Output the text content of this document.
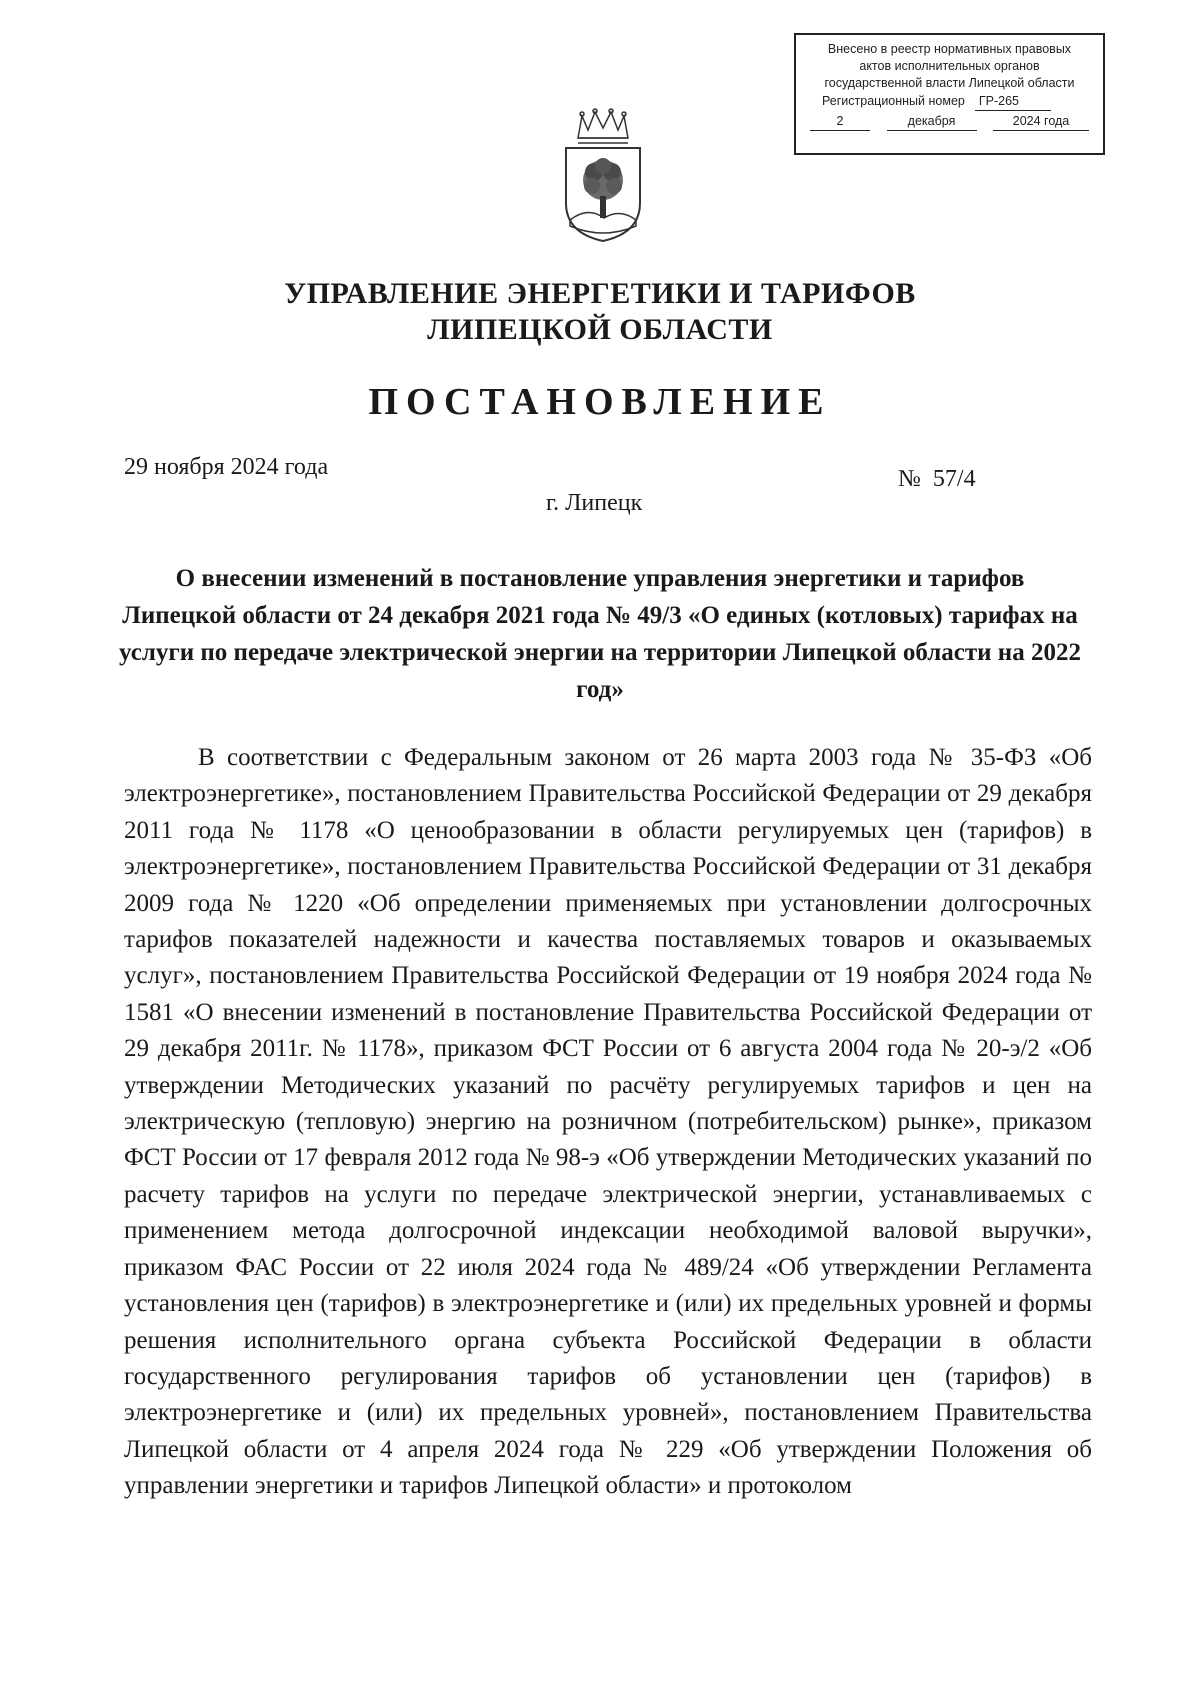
Внесено в реестр нормативных правовых
актов исполнительных органов
государственной власти Липецкой области
Регистрационный номер	ГР-265
2	декабря	2024 года
УПРАВЛЕНИЕ ЭНЕРГЕТИКИ И ТАРИФОВ
ЛИПЕЦКОЙ ОБЛАСТИ
ПОСТАНОВЛЕНИЕ
29 ноября 2024 года	№ 57/4
г. Липецк
О внесении изменений в постановление управления энергетики и тарифов Липецкой области от 24 декабря 2021 года № 49/3 «О единых (котловых) тарифах на услуги по передаче электрической энергии на территории Липецкой области на 2022 год»

В соответствии с Федеральным законом от 26 марта 2003 года № 35-ФЗ «Об электроэнергетике», постановлением Правительства Российской Федерации от 29 декабря 2011 года № 1178 «О ценообразовании в области регулируемых цен (тарифов) в электроэнергетике», постановлением Правительства Российской Федерации от 31 декабря 2009 года № 1220 «Об определении применяемых при установлении долгосрочных тарифов показателей надежности и качества поставляемых товаров и оказываемых услуг», постановлением Правительства Российской Федерации от 19 ноября 2024 года № 1581 «О внесении изменений в постановление Правительства Российской Федерации от 29 декабря 2011г. № 1178», приказом ФСТ России от 6 августа 2004 года № 20-э/2 «Об утверждении Методических указаний по расчёту регулируемых тарифов и цен на электрическую (тепловую) энергию на розничном (потребительском) рынке», приказом ФСТ России от 17 февраля 2012 года № 98-э «Об утверждении Методических указаний по расчету тарифов на услуги по передаче электрической энергии, устанавливаемых с применением метода долгосрочной индексации необходимой валовой выручки», приказом ФАС России от 22 июля 2024 года № 489/24 «Об утверждении Регламента установления цен (тарифов) в электроэнергетике и (или) их предельных уровней и формы решения исполнительного органа субъекта Российской Федерации в области государственного регулирования тарифов об установлении цен (тарифов) в электроэнергетике и (или) их предельных уровней», постановлением Правительства Липецкой области от 4 апреля 2024 года № 229 «Об утверждении Положения об управлении энергетики и тарифов Липецкой области» и протоколом
